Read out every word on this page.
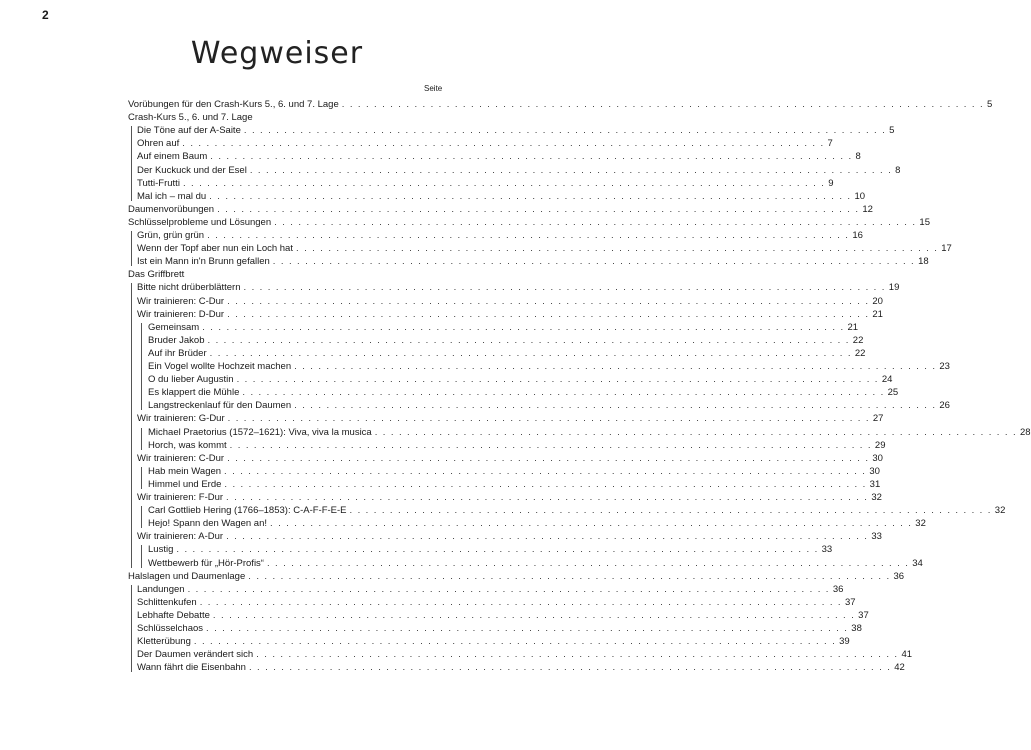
2
Wegweiser
Seite
Vorübungen für den Crash-Kurs 5., 6. und 7. Lage . . . . . . . . . . . . . . . . . . . . . . . . . . . . . . . . . . . . . . . . . . . . . . . . . . . . . . . . . . . . . . . . . . . . . . . . . . . . . . . . 5
Crash-Kurs 5., 6. und 7. Lage
Die Töne auf der A-Saite . . . . . . . . . . . . . . . . . . . . . . . . . . . . . . . . . . . . . . . . . . . . . . . . . . . . . . . . . . . . . . . . . . . . . . . . . . . . . . . . 5
Ohren auf . . . . . . . . . . . . . . . . . . . . . . . . . . . . . . . . . . . . . . . . . . . . . . . . . . . . . . . . . . . . . . . . . . . . . . . . . . . . . . . . 7
Auf einem Baum . . . . . . . . . . . . . . . . . . . . . . . . . . . . . . . . . . . . . . . . . . . . . . . . . . . . . . . . . . . . . . . . . . . . . . . . . . . . . . . . 8
Der Kuckuck und der Esel . . . . . . . . . . . . . . . . . . . . . . . . . . . . . . . . . . . . . . . . . . . . . . . . . . . . . . . . . . . . . . . . . . . . . . . . . . . . . . . . 8
Tutti-Frutti . . . . . . . . . . . . . . . . . . . . . . . . . . . . . . . . . . . . . . . . . . . . . . . . . . . . . . . . . . . . . . . . . . . . . . . . . . . . . . . . 9
Mal ich – mal du . . . . . . . . . . . . . . . . . . . . . . . . . . . . . . . . . . . . . . . . . . . . . . . . . . . . . . . . . . . . . . . . . . . . . . . . . . . . . . . . 10
Daumenvorübungen . . . . . . . . . . . . . . . . . . . . . . . . . . . . . . . . . . . . . . . . . . . . . . . . . . . . . . . . . . . . . . . . . . . . . . . . . . . . . . . . 12
Schlüsselprobleme und Lösungen . . . . . . . . . . . . . . . . . . . . . . . . . . . . . . . . . . . . . . . . . . . . . . . . . . . . . . . . . . . . . . . . . . . . . . . . . . . . . . . . 15
Grün, grün grün . . . . . . . . . . . . . . . . . . . . . . . . . . . . . . . . . . . . . . . . . . . . . . . . . . . . . . . . . . . . . . . . . . . . . . . . . . . . . . . . 16
Wenn der Topf aber nun ein Loch hat . . . . . . . . . . . . . . . . . . . . . . . . . . . . . . . . . . . . . . . . . . . . . . . . . . . . . . . . . . . . . . . . . . . . . . . . . . . . . . . . 17
Ist ein Mann in'n Brunn gefallen . . . . . . . . . . . . . . . . . . . . . . . . . . . . . . . . . . . . . . . . . . . . . . . . . . . . . . . . . . . . . . . . . . . . . . . . . . . . . . . . 18
Das Griffbrett
Bitte nicht drüberblättern . . . . . . . . . . . . . . . . . . . . . . . . . . . . . . . . . . . . . . . . . . . . . . . . . . . . . . . . . . . . . . . . . . . . . . . . . . . . . . . . 19
Wir trainieren: C-Dur . . . . . . . . . . . . . . . . . . . . . . . . . . . . . . . . . . . . . . . . . . . . . . . . . . . . . . . . . . . . . . . . . . . . . . . . . . . . . . . . 20
Wir trainieren: D-Dur . . . . . . . . . . . . . . . . . . . . . . . . . . . . . . . . . . . . . . . . . . . . . . . . . . . . . . . . . . . . . . . . . . . . . . . . . . . . . . . . 21
Gemeinsam . . . . . . . . . . . . . . . . . . . . . . . . . . . . . . . . . . . . . . . . . . . . . . . . . . . . . . . . . . . . . . . . . . . . . . . . . . . . . . . . 21
Bruder Jakob . . . . . . . . . . . . . . . . . . . . . . . . . . . . . . . . . . . . . . . . . . . . . . . . . . . . . . . . . . . . . . . . . . . . . . . . . . . . . . . . 22
Auf ihr Brüder . . . . . . . . . . . . . . . . . . . . . . . . . . . . . . . . . . . . . . . . . . . . . . . . . . . . . . . . . . . . . . . . . . . . . . . . . . . . . . . . 22
Ein Vogel wollte Hochzeit machen . . . . . . . . . . . . . . . . . . . . . . . . . . . . . . . . . . . . . . . . . . . . . . . . . . . . . . . . . . . . . . . . . . . . . . . . . . . . . . . . 23
O du lieber Augustin . . . . . . . . . . . . . . . . . . . . . . . . . . . . . . . . . . . . . . . . . . . . . . . . . . . . . . . . . . . . . . . . . . . . . . . . . . . . . . . . 24
Es klappert die Mühle . . . . . . . . . . . . . . . . . . . . . . . . . . . . . . . . . . . . . . . . . . . . . . . . . . . . . . . . . . . . . . . . . . . . . . . . . . . . . . . . 25
Langstreckenlauf für den Daumen . . . . . . . . . . . . . . . . . . . . . . . . . . . . . . . . . . . . . . . . . . . . . . . . . . . . . . . . . . . . . . . . . . . . . . . . . . . . . . . . 26
Wir trainieren: G-Dur . . . . . . . . . . . . . . . . . . . . . . . . . . . . . . . . . . . . . . . . . . . . . . . . . . . . . . . . . . . . . . . . . . . . . . . . . . . . . . . . 27
Michael Praetorius (1572–1621): Viva, viva la musica . . . . . . . . . . . . . . . . . . . . . . . . . . . . . . . . . . . . . . . . . . . . . . . . . . . . . . . . . . . . . . . . . . . . . . . . . . . . . . . . 28
Horch, was kommt . . . . . . . . . . . . . . . . . . . . . . . . . . . . . . . . . . . . . . . . . . . . . . . . . . . . . . . . . . . . . . . . . . . . . . . . . . . . . . . . 29
Wir trainieren: C-Dur . . . . . . . . . . . . . . . . . . . . . . . . . . . . . . . . . . . . . . . . . . . . . . . . . . . . . . . . . . . . . . . . . . . . . . . . . . . . . . . . 30
Hab mein Wagen . . . . . . . . . . . . . . . . . . . . . . . . . . . . . . . . . . . . . . . . . . . . . . . . . . . . . . . . . . . . . . . . . . . . . . . . . . . . . . . . 30
Himmel und Erde . . . . . . . . . . . . . . . . . . . . . . . . . . . . . . . . . . . . . . . . . . . . . . . . . . . . . . . . . . . . . . . . . . . . . . . . . . . . . . . . 31
Wir trainieren: F-Dur . . . . . . . . . . . . . . . . . . . . . . . . . . . . . . . . . . . . . . . . . . . . . . . . . . . . . . . . . . . . . . . . . . . . . . . . . . . . . . . . 32
Carl Gottlieb Hering (1766–1853): C-A-F-F-E-E . . . . . . . . . . . . . . . . . . . . . . . . . . . . . . . . . . . . . . . . . . . . . . . . . . . . . . . . . . . . . . . . . . . . . . . . . . . . . . . . 32
Hejo! Spann den Wagen an! . . . . . . . . . . . . . . . . . . . . . . . . . . . . . . . . . . . . . . . . . . . . . . . . . . . . . . . . . . . . . . . . . . . . . . . . . . . . . . . . 32
Wir trainieren: A-Dur . . . . . . . . . . . . . . . . . . . . . . . . . . . . . . . . . . . . . . . . . . . . . . . . . . . . . . . . . . . . . . . . . . . . . . . . . . . . . . . . 33
Lustig . . . . . . . . . . . . . . . . . . . . . . . . . . . . . . . . . . . . . . . . . . . . . . . . . . . . . . . . . . . . . . . . . . . . . . . . . . . . . . . . 33
Wettbewerb für „Hör-Profis“ . . . . . . . . . . . . . . . . . . . . . . . . . . . . . . . . . . . . . . . . . . . . . . . . . . . . . . . . . . . . . . . . . . . . . . . . . . . . . . . . 34
Halslagen und Daumenlage . . . . . . . . . . . . . . . . . . . . . . . . . . . . . . . . . . . . . . . . . . . . . . . . . . . . . . . . . . . . . . . . . . . . . . . . . . . . . . . . 36
Landungen . . . . . . . . . . . . . . . . . . . . . . . . . . . . . . . . . . . . . . . . . . . . . . . . . . . . . . . . . . . . . . . . . . . . . . . . . . . . . . . . 36
Schlittenkufen . . . . . . . . . . . . . . . . . . . . . . . . . . . . . . . . . . . . . . . . . . . . . . . . . . . . . . . . . . . . . . . . . . . . . . . . . . . . . . . . 37
Lebhafte Debatte . . . . . . . . . . . . . . . . . . . . . . . . . . . . . . . . . . . . . . . . . . . . . . . . . . . . . . . . . . . . . . . . . . . . . . . . . . . . . . . . 37
Schlüsselchaos . . . . . . . . . . . . . . . . . . . . . . . . . . . . . . . . . . . . . . . . . . . . . . . . . . . . . . . . . . . . . . . . . . . . . . . . . . . . . . . . 38
Kletterübung . . . . . . . . . . . . . . . . . . . . . . . . . . . . . . . . . . . . . . . . . . . . . . . . . . . . . . . . . . . . . . . . . . . . . . . . . . . . . . . . 39
Der Daumen verändert sich . . . . . . . . . . . . . . . . . . . . . . . . . . . . . . . . . . . . . . . . . . . . . . . . . . . . . . . . . . . . . . . . . . . . . . . . . . . . . . . . 41
Wann fährt die Eisenbahn . . . . . . . . . . . . . . . . . . . . . . . . . . . . . . . . . . . . . . . . . . . . . . . . . . . . . . . . . . . . . . . . . . . . . . . . . . . . . . . . 42
